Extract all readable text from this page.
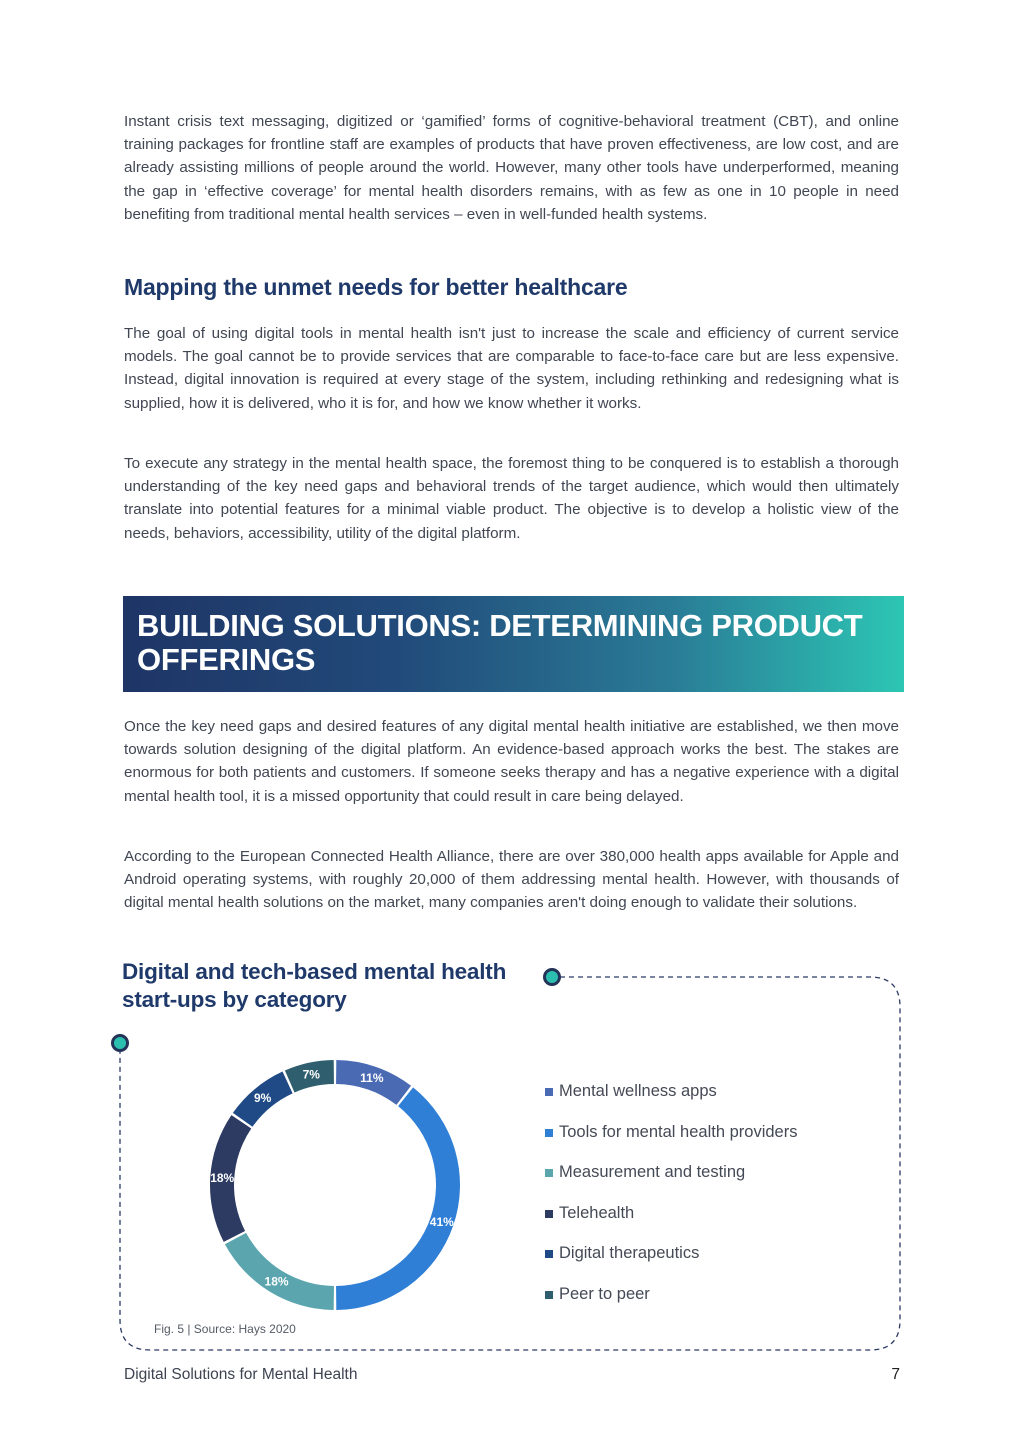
Instant crisis text messaging, digitized or ‘gamified’ forms of cognitive-behavioral treatment (CBT), and online training packages for frontline staff are examples of products that have proven effectiveness, are low cost, and are already assisting millions of people around the world. However, many other tools have underperformed, meaning the gap in ‘effective coverage’ for mental health disorders remains, with as few as one in 10 people in need benefiting from traditional mental health services – even in well-funded health systems.

Mapping the unmet needs for better healthcare

The goal of using digital tools in mental health isn't just to increase the scale and efficiency of current service models. The goal cannot be to provide services that are comparable to face-to-face care but are less expensive. Instead, digital innovation is required at every stage of the system, including rethinking and redesigning what is supplied, how it is delivered, who it is for, and how we know whether it works.

To execute any strategy in the mental health space, the foremost thing to be conquered is to establish a thorough understanding of the key need gaps and behavioral trends of the target audience, which would then ultimately translate into potential features for a minimal viable product. The objective is to develop a holistic view of the needs, behaviors, accessibility, utility of the digital platform.

BUILDING SOLUTIONS: DETERMINING PRODUCT OFFERINGS

Once the key need gaps and desired features of any digital mental health initiative are established, we then move towards solution designing of the digital platform. An evidence-based approach works the best. The stakes are enormous for both patients and customers. If someone seeks therapy and has a negative experience with a digital mental health tool, it is a missed opportunity that could result in care being delayed.

According to the European Connected Health Alliance, there are over 380,000 health apps available for Apple and Android operating systems, with roughly 20,000 of them addressing mental health. However, with thousands of digital mental health solutions on the market, many companies aren't doing enough to validate their solutions.

Digital and tech-based mental health start-ups by category
11%
41%
18%
18%
9%
7%
Mental wellness apps
Tools for mental health providers
Measurement and testing
Telehealth
Digital therapeutics
Peer to peer
Fig. 5 | Source: Hays 2020
Digital Solutions for Mental Health	7
